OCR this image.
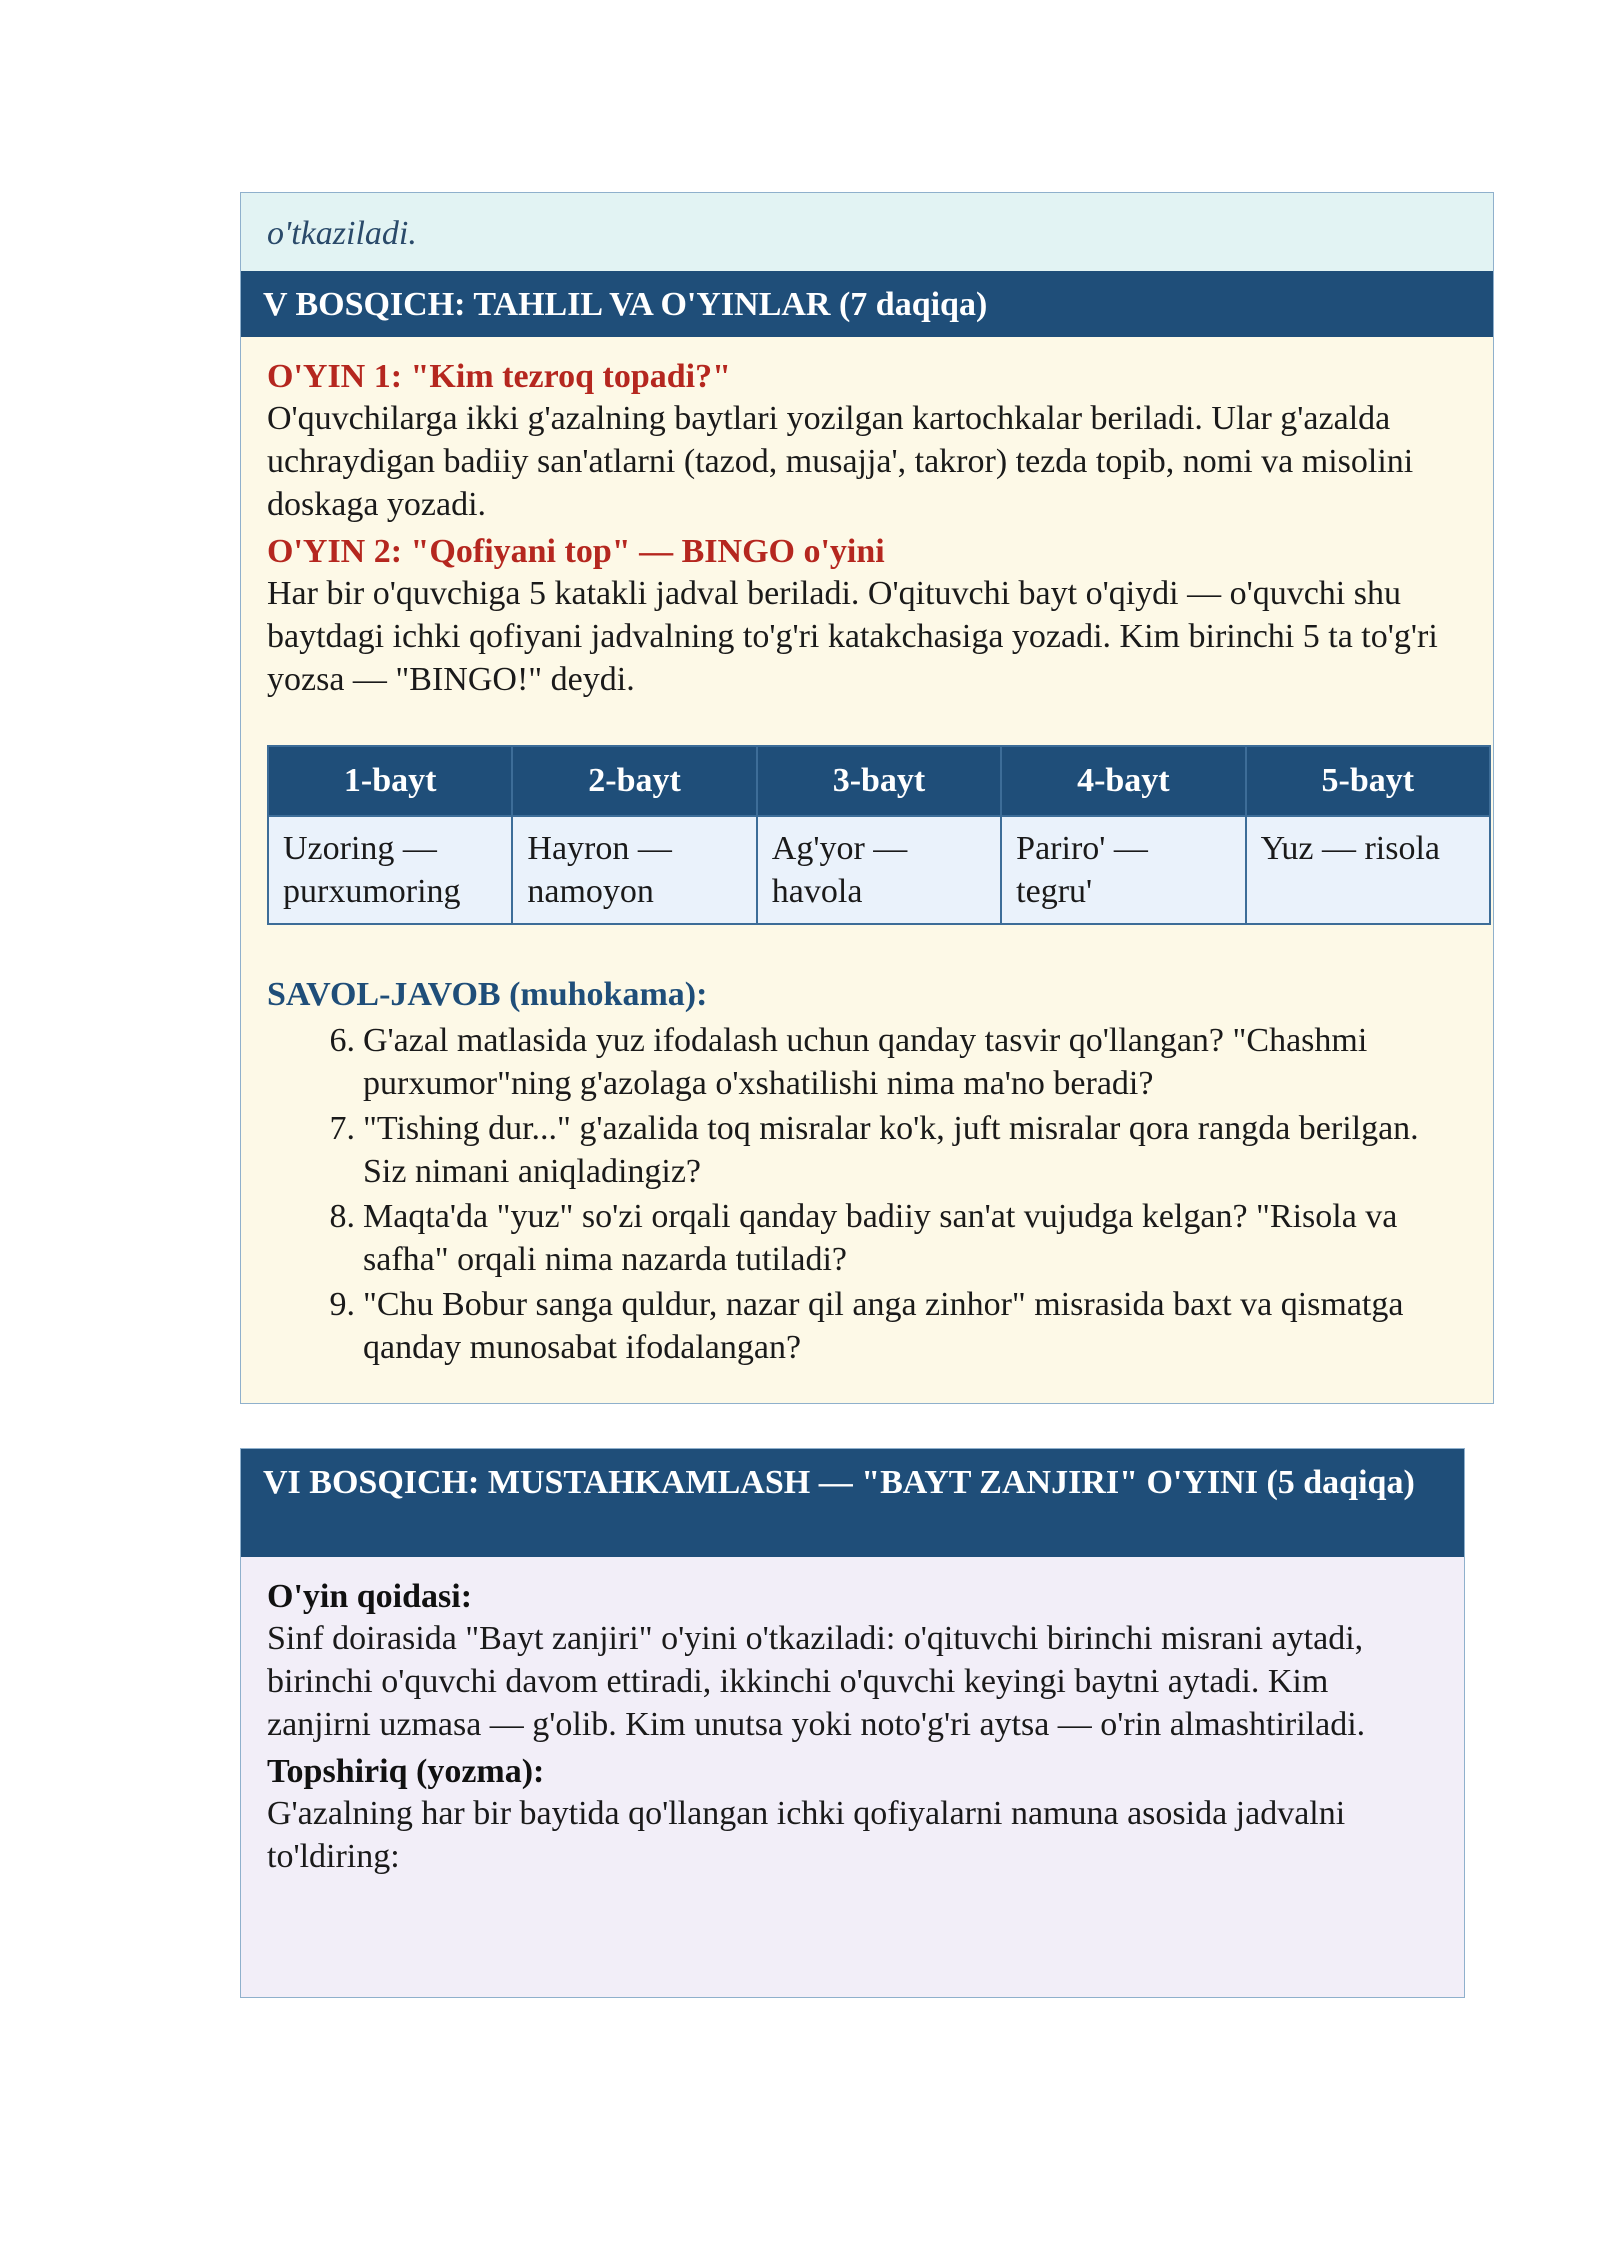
o'tkaziladi.
V BOSQICH: TAHLIL VA O'YINLAR (7 daqiqa)
O'YIN 1: "Kim tezroq topadi?"
O'quvchilarga ikki g'azalning baytlari yozilgan kartochkalar beriladi. Ular g'azalda uchraydigan badiiy san'atlarni (tazod, musajja', takror) tezda topib, nomi va misolini doskaga yozadi.
O'YIN 2: "Qofiyani top" — BINGO o'yini
Har bir o'quvchiga 5 katakli jadval beriladi. O'qituvchi bayt o'qiydi — o'quvchi shu baytdagi ichki qofiyani jadvalning to'g'ri katakchasiga yozadi. Kim birinchi 5 ta to'g'ri yozsa — "BINGO!" deydi.
1-bayt	2-bayt	3-bayt	4-bayt	5-bayt
Uzoring — purxumoring	Hayron — namoyon	Ag'yor — havola	Pariro' — tegru'	Yuz — risola
SAVOL-JAVOB (muhokama):
6. G'azal matlasida yuz ifodalash uchun qanday tasvir qo'llangan? "Chashmi purxumor"ning g'azolaga o'xshatilishi nima ma'no beradi?
7. "Tishing dur..." g'azalida toq misralar ko'k, juft misralar qora rangda berilgan. Siz nimani aniqladingiz?
8. Maqta'da "yuz" so'zi orqali qanday badiiy san'at vujudga kelgan? "Risola va safha" orqali nima nazarda tutiladi?
9. "Chu Bobur sanga quldur, nazar qil anga zinhor" misrasida baxt va qismatga qanday munosabat ifodalangan?
VI BOSQICH: MUSTAHKAMLASH — "BAYT ZANJIRI" O'YINI (5 daqiqa)
O'yin qoidasi:
Sinf doirasida "Bayt zanjiri" o'yini o'tkaziladi: o'qituvchi birinchi misrani aytadi, birinchi o'quvchi davom ettiradi, ikkinchi o'quvchi keyingi baytni aytadi. Kim zanjirni uzmasa — g'olib. Kim unutsa yoki noto'g'ri aytsa — o'rin almashtiriladi.
Topshiriq (yozma):
G'azalning har bir baytida qo'llangan ichki qofiyalarni namuna asosida jadvalni to'ldiring:
